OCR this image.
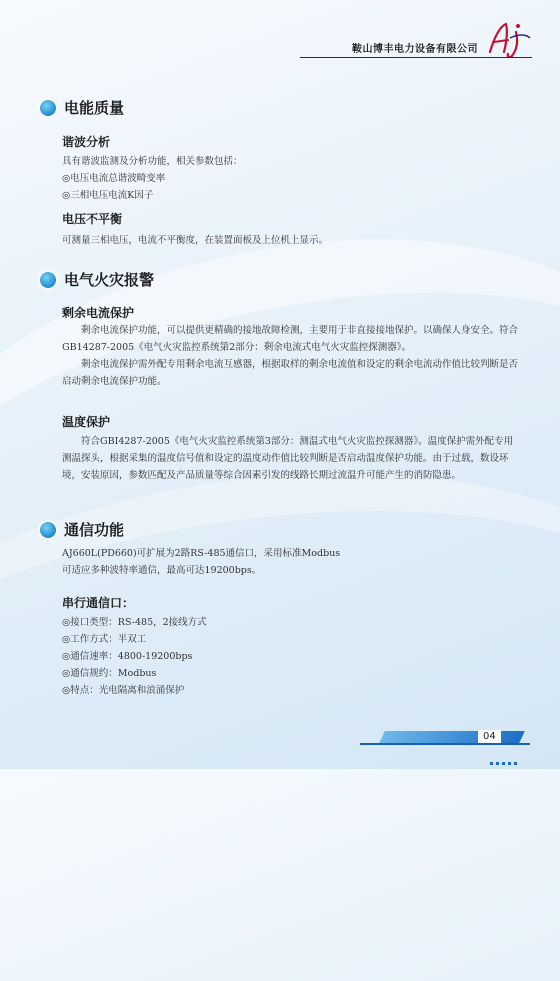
鞍山博丰电力设备有限公司
电能质量
谐波分析

具有谐波监测及分析功能，相关参数包括：

◎电压电流总谐波畸变率

◎三相电压电流K因子

电压不平衡

可测量三相电压，电流不平衡度，在装置面板及上位机上显示。

电气火灾报警
剩余电流保护

剩余电流保护功能，可以提供更精确的接地故障检测，主要用于非直接接地保护。以确保人身安全。符合GB14287-2005《电气火灾监控系统第2部分：剩余电流式电气火灾监控探测器》。

剩余电流保护需外配专用剩余电流互感器，根据取样的剩余电流值和设定的剩余电流动作值比较判断是否启动剩余电流保护功能。

温度保护

符合GBI4287-2005《电气火灾监控系统第3部分：测温式电气火灾监控探测器》。温度保护需外配专用测温探头，根据采集的温度信号值和设定的温度动作值比较判断是否启动温度保护功能。由于过载，数设环境，安装原因，参数匹配及产品质量等综合因素引发的线路长期过流温升可能产生的消防隐患。

通信功能

AJ660L(PD660)可扩展为2路RS-485通信口，采用标准Modbus

可适应多种波特率通信，最高可达19200bps。

串行通信口：

◎接口类型：RS-485，2接线方式

◎工作方式：半双工

◎通信速率：4800-19200bps

◎通信规约：Modbus

◎特点：光电隔离和浪涌保护

04
